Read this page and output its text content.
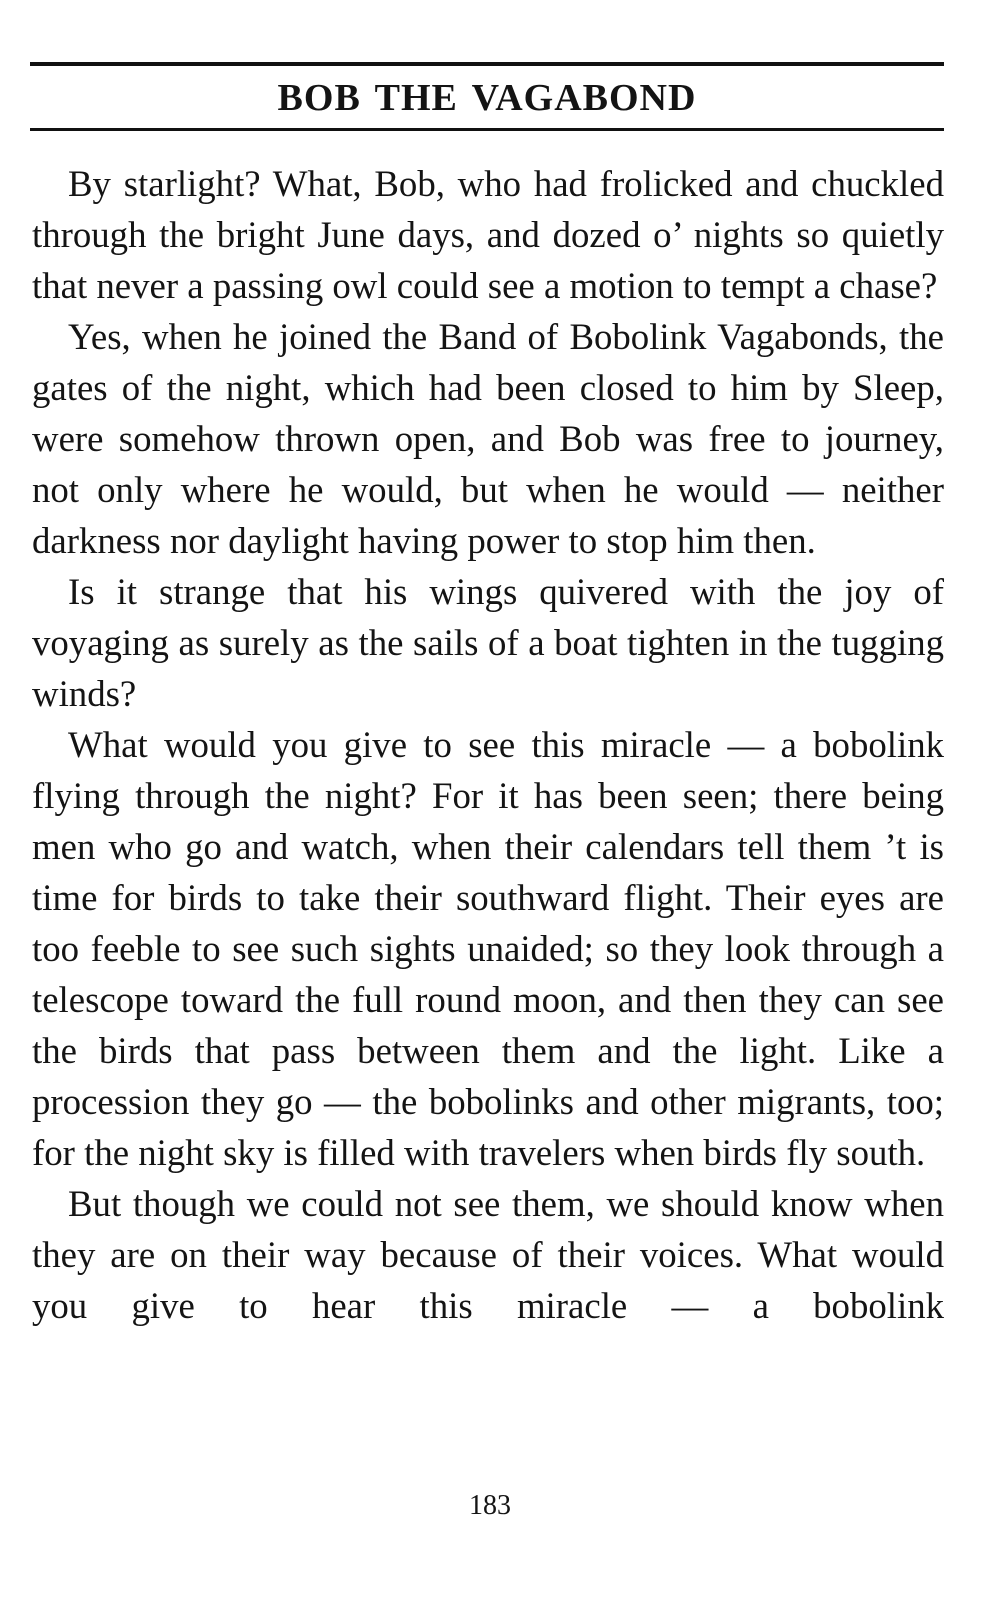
BOB THE VAGABOND

By starlight? What, Bob, who had frolicked and chuckled through the bright June days, and dozed o’ nights so quietly that never a passing owl could see a motion to tempt a chase?

Yes, when he joined the Band of Bobolink Vagabonds, the gates of the night, which had been closed to him by Sleep, were somehow thrown open, and Bob was free to journey, not only where he would, but when he would — neither darkness nor daylight having power to stop him then.

Is it strange that his wings quivered with the joy of voyaging as surely as the sails of a boat tighten in the tugging winds?

What would you give to see this miracle — a bobolink flying through the night? For it has been seen; there being men who go and watch, when their calendars tell them ’t is time for birds to take their southward flight. Their eyes are too feeble to see such sights unaided; so they look through a telescope toward the full round moon, and then they can see the birds that pass between them and the light. Like a procession they go — the bobolinks and other migrants, too; for the night sky is filled with travelers when birds fly south.

But though we could not see them, we should know when they are on their way because of their voices. What would you give to hear this miracle — a bobolink

183
